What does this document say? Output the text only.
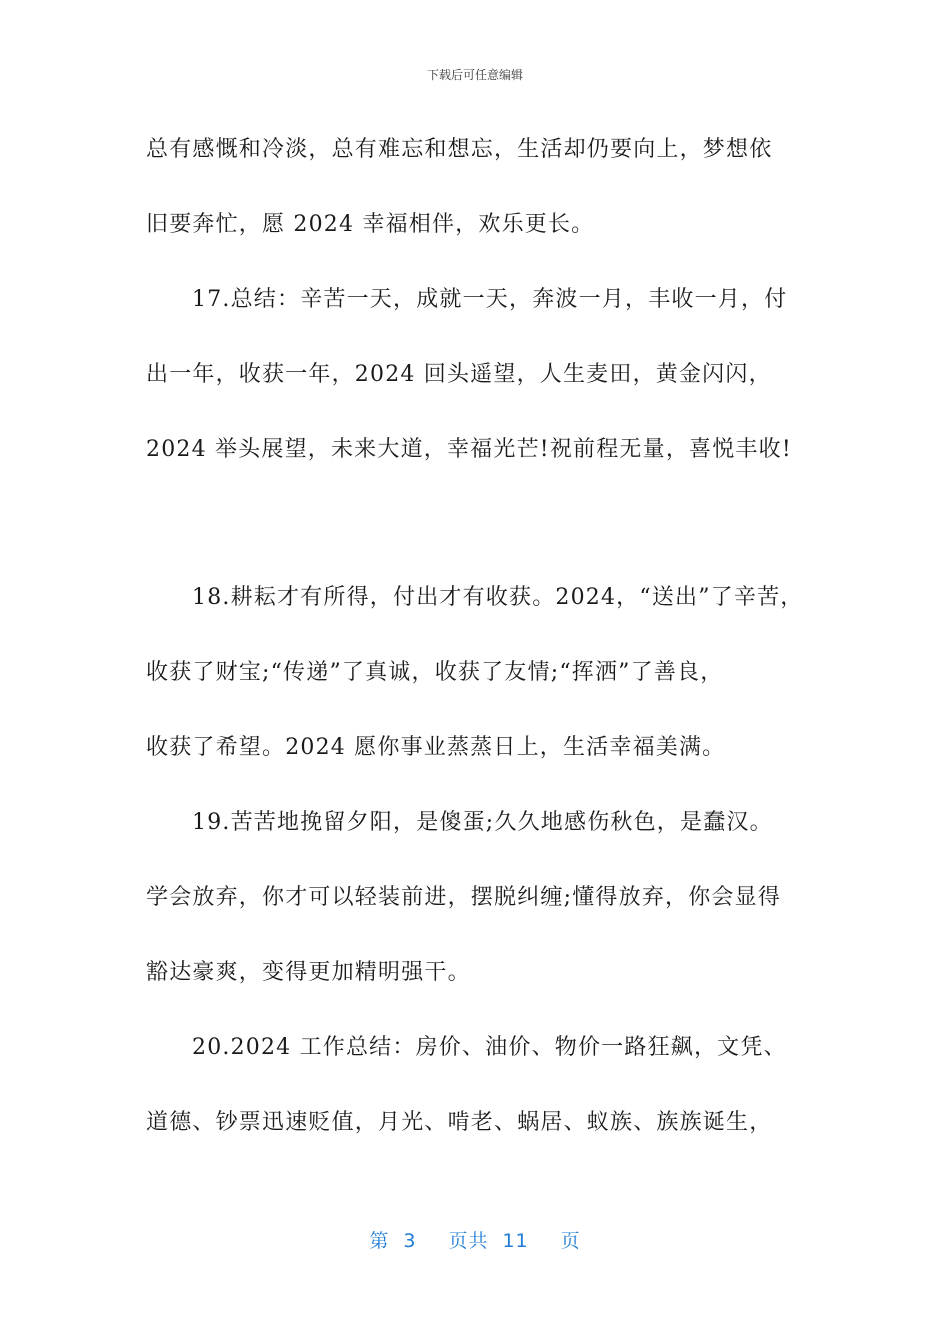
下载后可任意编辑
总有感慨和冷淡，总有难忘和想忘，生活却仍要向上，梦想依
旧要奔忙，愿 2024 幸福相伴，欢乐更长。
17.总结：辛苦一天，成就一天，奔波一月，丰收一月，付
出一年，收获一年，2024 回头遥望，人生麦田，黄金闪闪，
2024 举头展望，未来大道，幸福光芒!祝前程无量，喜悦丰收!
18.耕耘才有所得，付出才有收获。2024，“送出”了辛苦，
收获了财宝;“传递”了真诚，收获了友情;“挥洒”了善良，
收获了希望。2024 愿你事业蒸蒸日上，生活幸福美满。
19.苦苦地挽留夕阳，是傻蛋;久久地感伤秋色，是蠢汉。
学会放弃，你才可以轻装前进，摆脱纠缠;懂得放弃，你会显得
豁达豪爽，变得更加精明强干。
20.2024 工作总结：房价、油价、物价一路狂飙，文凭、
道德、钞票迅速贬值，月光、啃老、蜗居、蚁族、族族诞生，
第 3 页共 11 页
